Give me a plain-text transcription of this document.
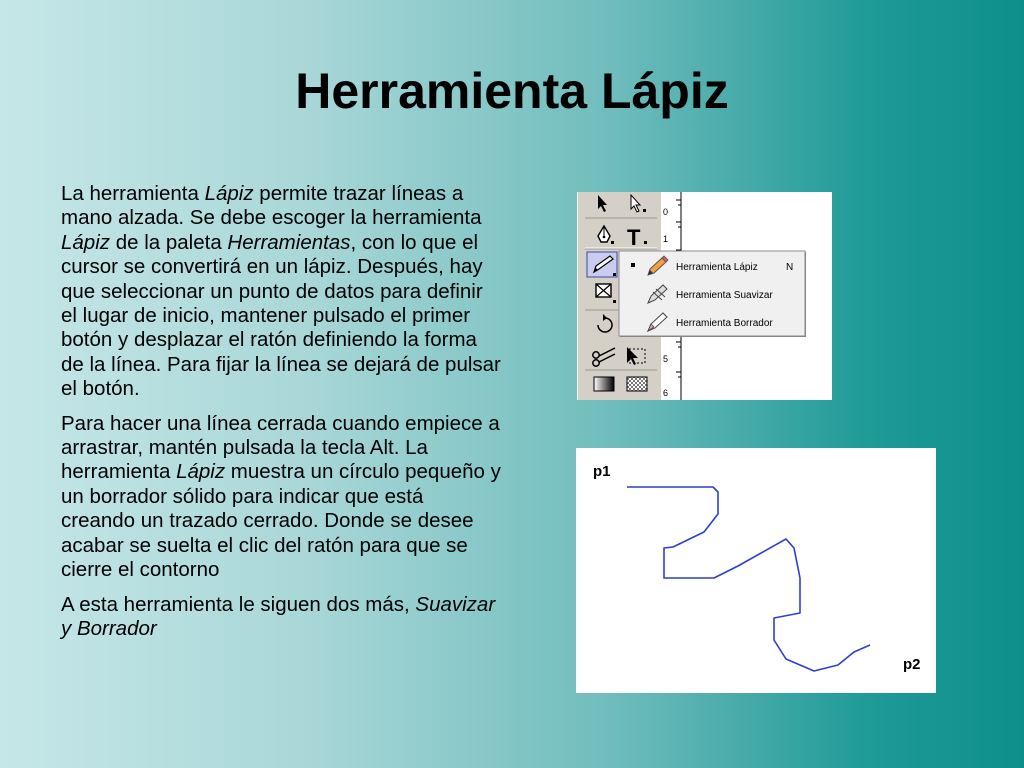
Herramienta Lápiz

La herramienta Lápiz permite trazar líneas a mano alzada. Se debe escoger la herramienta Lápiz de la paleta Herramientas, con lo que el cursor se convertirá en un lápiz. Después, hay que seleccionar un punto de datos para definir el lugar de inicio, mantener pulsado el primer botón y desplazar el ratón definiendo la forma de la línea. Para fijar la línea se dejará de pulsar el botón.

Para hacer una línea cerrada cuando empiece a arrastrar, mantén pulsada la tecla Alt. La herramienta Lápiz muestra un círculo pequeño y un borrador sólido para indicar que está creando un trazado cerrado. Donde se desee acabar se suelta el clic del ratón para que se cierre el contorno

A esta herramienta le siguen dos más, Suavizar y Borrador

0
1
5
6
T
Herramienta Lápiz	N
Herramienta Suavizar
Herramienta Borrador
p1
p2
